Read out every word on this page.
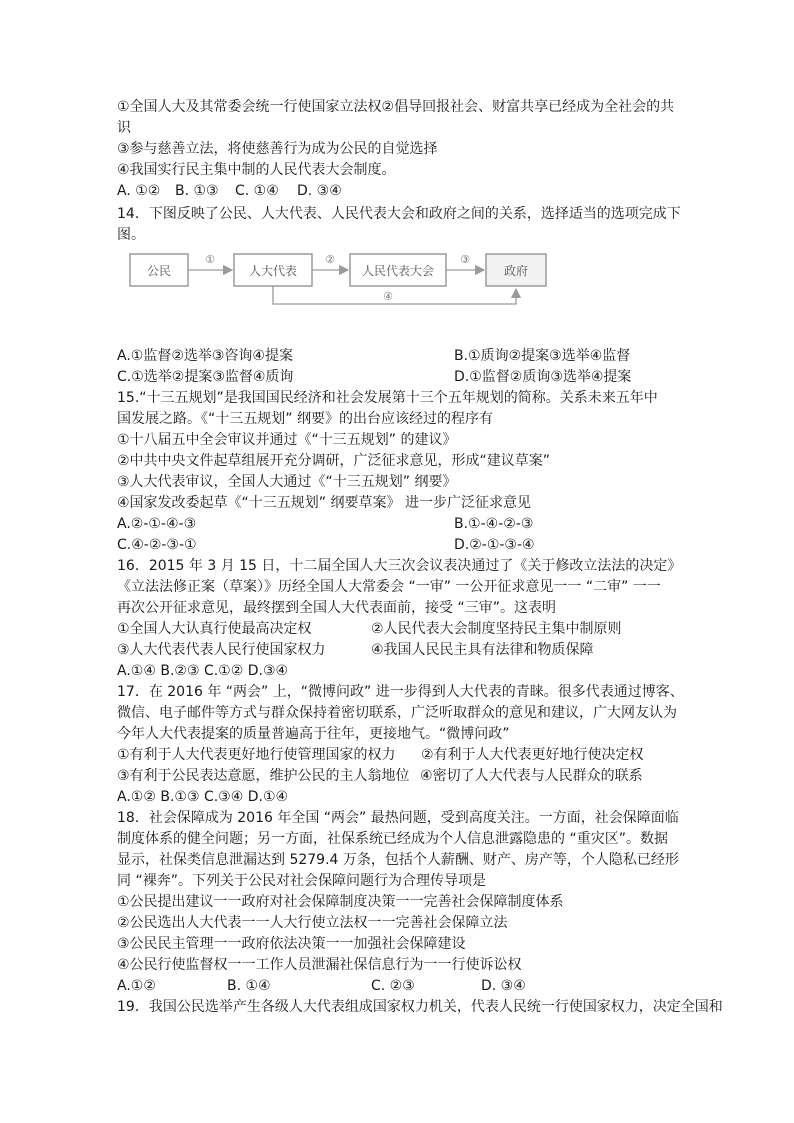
①全国人大及其常委会统一行使国家立法权②倡导回报社会、财富共享已经成为全社会的共
识
③参与慈善立法，将使慈善行为成为公民的自觉选择
④我国实行民主集中制的人民代表大会制度。
A. ①② B. ①③ C. ①④ D. ③④
14．下图反映了公民、人大代表、人民代表大会和政府之间的关系，选择适当的选项完成下
图。
公民	人大代表	人民代表大会	政府
①	②	③
④
A.①监督②选举③咨询④提案	B.①质询②提案③选举④监督
C.①选举②提案③监督④质询	D.①监督②质询③选举④提案
15.“十三五规划”是我国国民经济和社会发展第十三个五年规划的简称。关系未来五年中
国发展之路。《“十三五规划” 纲要》的出台应该经过的程序有
①十八届五中全会审议并通过《“十三五规划” 的建议》
②中共中央文件起草组展开充分调研，广泛征求意见，形成“建议草案”
③人大代表审议，全国人大通过《“十三五规划” 纲要》
④国家发改委起草《“十三五规划” 纲要草案》 进一步广泛征求意见
A.②-①-④-③	B.①-④-②-③
C.④-②-③-①	D.②-①-③-④
16．2015 年 3 月 15 日，十二届全国人大三次会议表决通过了《关于修改立法法的决定》
《立法法修正案（草案）》历经全国人大常委会 “一审” 一公开征求意见一一 “二审” 一一
再次公开征求意见，最终摆到全国人大代表面前，接受 “三审”。这表明
①全国人大认真行使最高决定权	②人民代表大会制度坚持民主集中制原则
③人大代表代表人民行使国家权力	④我国人民民主具有法律和物质保障
A.①④ B.②③ C.①② D.③④
17．在 2016 年 “两会” 上，“微博问政” 进一步得到人大代表的青睐。很多代表通过博客、
微信、电子邮件等方式与群众保持着密切联系，广泛听取群众的意见和建议，广大网友认为
今年人大代表提案的质量普遍高于往年，更接地气。“微博问政”
①有利于人大代表更好地行使管理国家的权力 ②有利于人大代表更好地行使决定权
③有利于公民表达意愿，维护公民的主人翁地位 ④密切了人大代表与人民群众的联系
A.①② B.①③ C.③④ D.①④
18．社会保障成为 2016 年全国 “两会” 最热问题，受到高度关注。一方面，社会保障面临
制度体系的健全问题；另一方面，社保系统已经成为个人信息泄露隐患的 “重灾区”。数据
显示，社保类信息泄漏达到 5279.4 万条，包括个人薪酬、财产、房产等，个人隐私已经形
同 “裸奔”。下列关于公民对社会保障问题行为合理传导项是
①公民提出建议一一政府对社会保障制度决策一一完善社会保障制度体系
②公民选出人大代表一一人大行使立法权一一完善社会保障立法
③公民民主管理一一政府依法决策一一加强社会保障建设
④公民行使监督权一一工作人员泄漏社保信息行为一一行使诉讼权
A.①②	B. ①④	C. ②③	D. ③④
19．我国公民选举产生各级人大代表组成国家权力机关，代表人民统一行使国家权力，决定全国和
